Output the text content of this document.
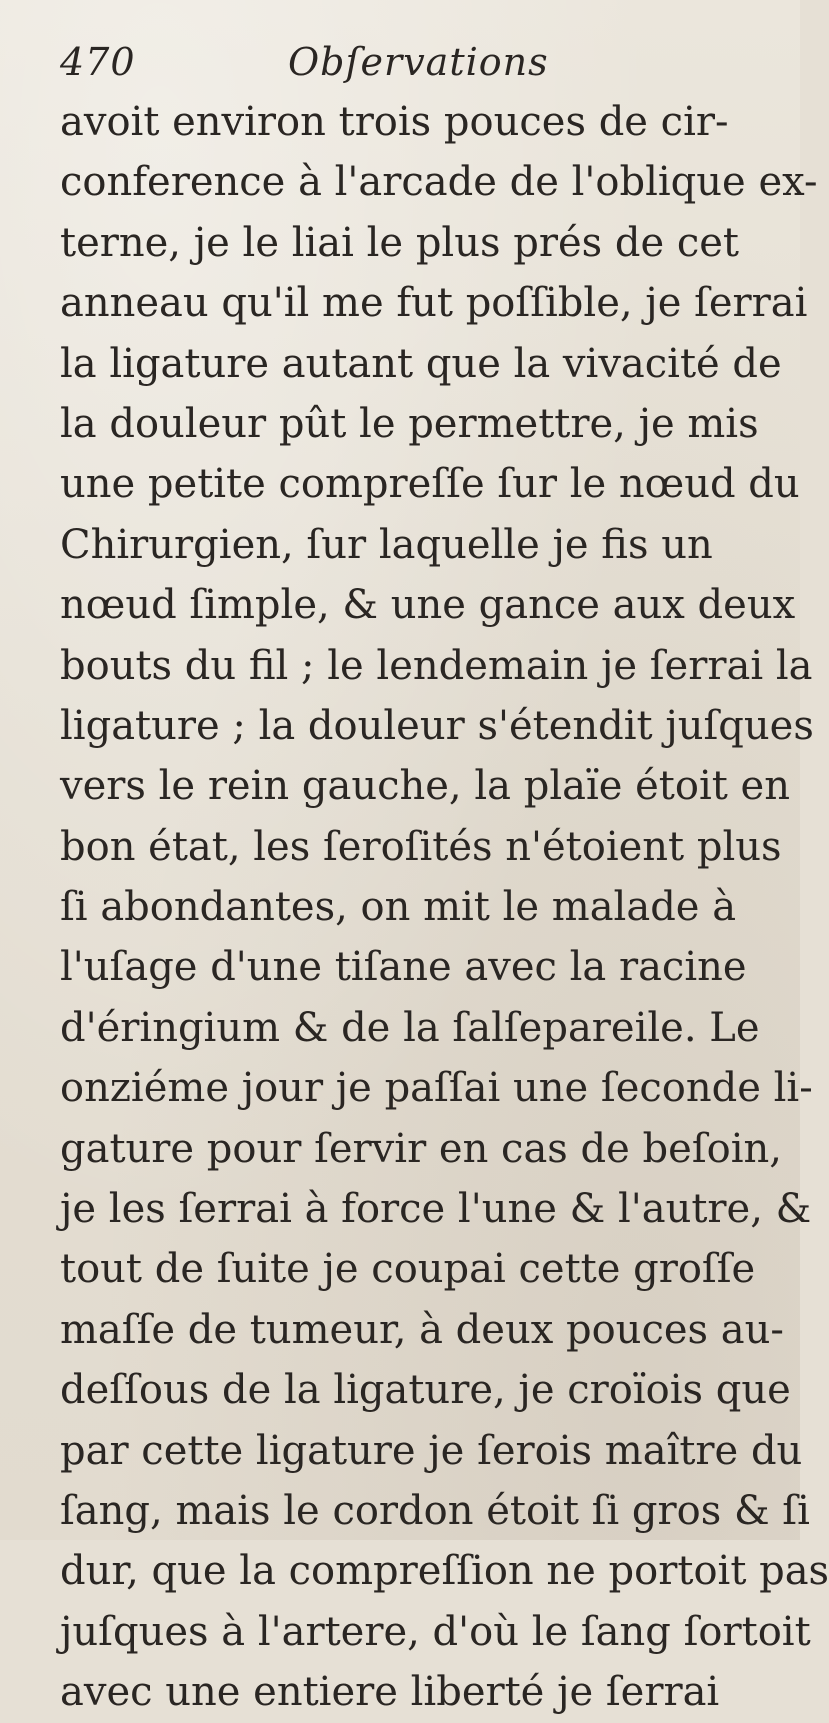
470	Obſervations
avoit environ trois pouces de cir-
conference à l'arcade de l'oblique ex-
terne, je le liai le plus prés de cet
anneau qu'il me fut poſſible, je ſerrai
la ligature autant que la vivacité de
la douleur pût le permettre, je mis
une petite compreſſe ſur le nœud du
Chirurgien, ſur laquelle je fis un
nœud ſimple, & une gance aux deux
bouts du fil ; le lendemain je ſerrai la
ligature ; la douleur s'étendit juſques
vers le rein gauche, la plaïe étoit en
bon état, les ſeroſités n'étoient plus
ſi abondantes, on mit le malade à
l'uſage d'une tiſane avec la racine
d'éringium & de la ſalſepareile. Le
onziéme jour je paſſai une ſeconde li-
gature pour ſervir en cas de beſoin,
je les ſerrai à force l'une & l'autre, &
tout de ſuite je coupai cette groſſe
maſſe de tumeur, à deux pouces au-
deſſous de la ligature, je croïois que
par cette ligature je ſerois maître du
ſang, mais le cordon étoit ſi gros & ſi
dur, que la compreſſion ne portoit pas
juſques à l'artere, d'où le ſang ſortoit
avec une entiere liberté je ſerrai
